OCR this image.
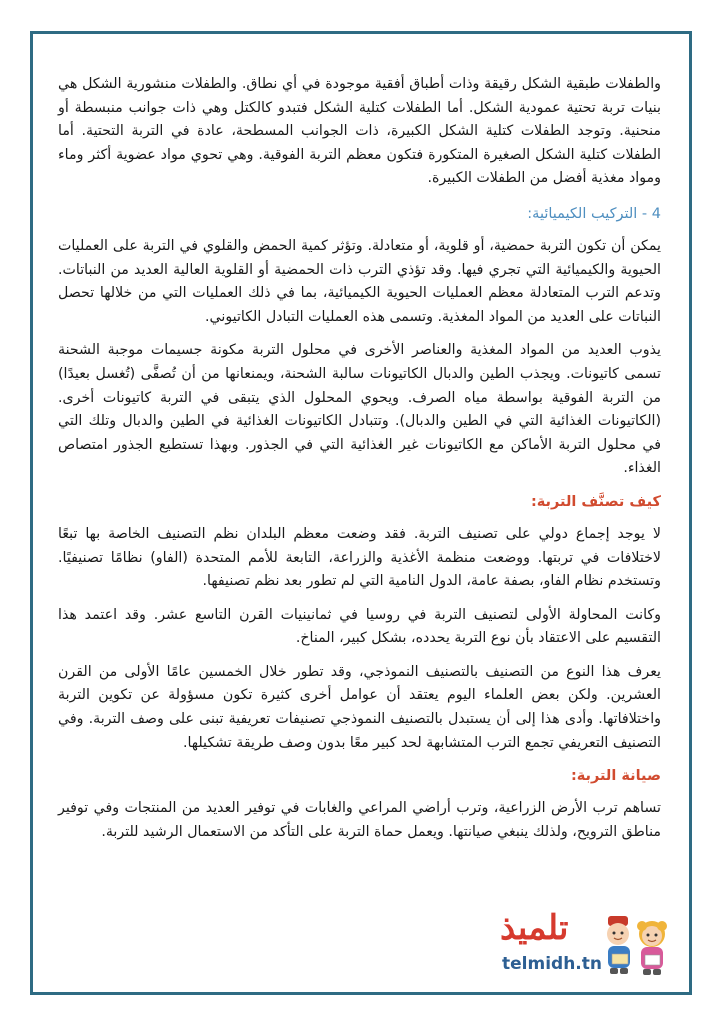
والطفلات طبقية الشكل رقيقة وذات أطباق أفقية موجودة في أي نطاق. والطفلات منشورية الشكل هي بنيات تربة تحتية عمودية الشكل. أما الطفلات كتلية الشكل فتبدو كالكتل وهي ذات جوانب منبسطة أو منحنية. وتوجد الطفلات كتلية الشكل الكبيرة، ذات الجوانب المسطحة، عادة في التربة التحتية. أما الطفلات كتلية الشكل الصغيرة المتكورة فتكون معظم التربة الفوقية. وهي تحوي مواد عضوية أكثر وماء ومواد مغذية أفضل من الطفلات الكبيرة.

4 - التركيب الكيميائية:

يمكن أن تكون التربة حمضية، أو قلوية، أو متعادلة. وتؤثر كمية الحمض والقلوي في التربة على العمليات الحيوية والكيميائية التي تجري فيها. وقد تؤذي الترب ذات الحمضية أو القلوية العالية العديد من النباتات. وتدعم الترب المتعادلة معظم العمليات الحيوية الكيميائية، بما في ذلك العمليات التي من خلالها تحصل النباتات على العديد من المواد المغذية. وتسمى هذه العمليات التبادل الكاتيوني.

يذوب العديد من المواد المغذية والعناصر الأخرى في محلول التربة مكونة جسيمات موجبة الشحنة تسمى كاتيونات. ويجذب الطين والدبال الكاتيونات سالبة الشحنة، ويمنعانها من أن تُصفَّى (تُغسل بعيدًا) من التربة الفوقية بواسطة مياه الصرف. ويحوي المحلول الذي يتبقى في التربة كاتيونات أخرى. (الكاتيونات الغذائية التي في الطين والدبال). وتتبادل الكاتيونات الغذائية في الطين والدبال وتلك التي في محلول التربة الأماكن مع الكاتيونات غير الغذائية التي في الجذور. وبهذا تستطيع الجذور امتصاص الغذاء.

كيف تصنَّف التربة:

لا يوجد إجماع دولي على تصنيف التربة. فقد وضعت معظم البلدان نظم التصنيف الخاصة بها تبعًا لاختلافات في تربتها. ووضعت منظمة الأغذية والزراعة، التابعة للأمم المتحدة (الفاو) نظامًا تصنيفيًا. وتستخدم نظام الفاو، بصفة عامة، الدول النامية التي لم تطور بعد نظم تصنيفها.

وكانت المحاولة الأولى لتصنيف التربة في روسيا في ثمانينيات القرن التاسع عشر. وقد اعتمد هذا التقسيم على الاعتقاد بأن نوع التربة يحدده، بشكل كبير، المناخ.

يعرف هذا النوع من التصنيف بالتصنيف النموذجي، وقد تطور خلال الخمسين عامًا الأولى من القرن العشرين. ولكن بعض العلماء اليوم يعتقد أن عوامل أخرى كثيرة تكون مسؤولة عن تكوين التربة واختلافاتها. وأدى هذا إلى أن يستبدل بالتصنيف النموذجي تصنيفات تعريفية تبنى على وصف التربة. وفي التصنيف التعريفي تجمع الترب المتشابهة لحد كبير معًا بدون وصف طريقة تشكيلها.

صيانة التربة:

تساهم ترب الأرض الزراعية، وترب أراضي المراعي والغابات في توفير العديد من المنتجات وفي توفير مناطق الترويح، ولذلك ينبغي صيانتها. ويعمل حماة التربة على التأكد من الاستعمال الرشيد للتربة.

تلميذ
telmidh.tn
